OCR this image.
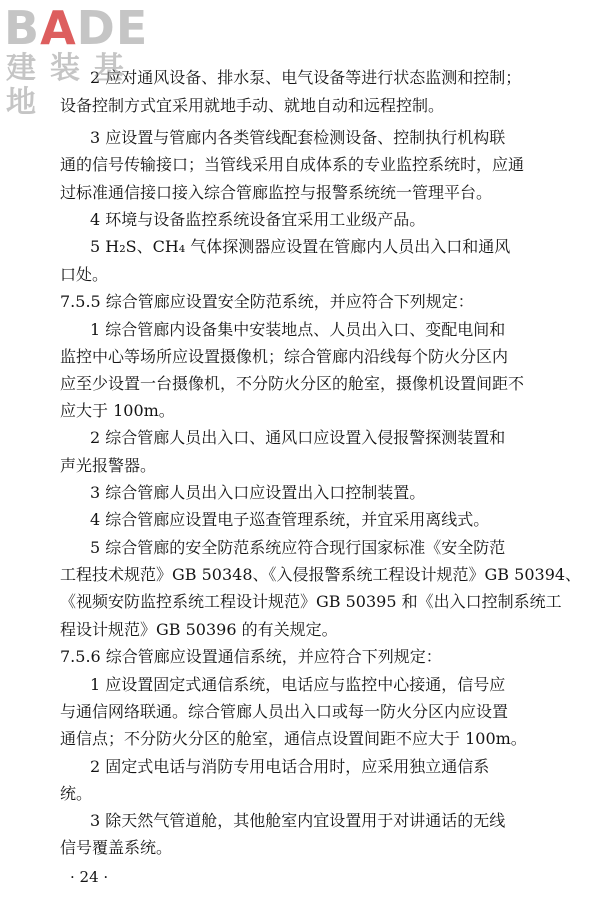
BADE
建装基地
2 应对通风设备、排水泵、电气设备等进行状态监测和控制；
设备控制方式宜采用就地手动、就地自动和远程控制。
3 应设置与管廊内各类管线配套检测设备、控制执行机构联
通的信号传输接口；当管线采用自成体系的专业监控系统时，应通
过标准通信接口接入综合管廊监控与报警系统统一管理平台。
4 环境与设备监控系统设备宜采用工业级产品。
5 H₂S、CH₄ 气体探测器应设置在管廊内人员出入口和通风
口处。
7.5.5 综合管廊应设置安全防范系统，并应符合下列规定：
1 综合管廊内设备集中安装地点、人员出入口、变配电间和
监控中心等场所应设置摄像机；综合管廊内沿线每个防火分区内
应至少设置一台摄像机，不分防火分区的舱室，摄像机设置间距不
应大于 100m。
2 综合管廊人员出入口、通风口应设置入侵报警探测装置和
声光报警器。
3 综合管廊人员出入口应设置出入口控制装置。
4 综合管廊应设置电子巡查管理系统，并宜采用离线式。
5 综合管廊的安全防范系统应符合现行国家标准《安全防范
工程技术规范》GB 50348、《入侵报警系统工程设计规范》GB 50394、
《视频安防监控系统工程设计规范》GB 50395 和《出入口控制系统工
程设计规范》GB 50396 的有关规定。
7.5.6 综合管廊应设置通信系统，并应符合下列规定：
1 应设置固定式通信系统，电话应与监控中心接通，信号应
与通信网络联通。综合管廊人员出入口或每一防火分区内应设置
通信点；不分防火分区的舱室，通信点设置间距不应大于 100m。
2 固定式电话与消防专用电话合用时，应采用独立通信系
统。
3 除天然气管道舱，其他舱室内宜设置用于对讲通话的无线
信号覆盖系统。
· 24 ·
